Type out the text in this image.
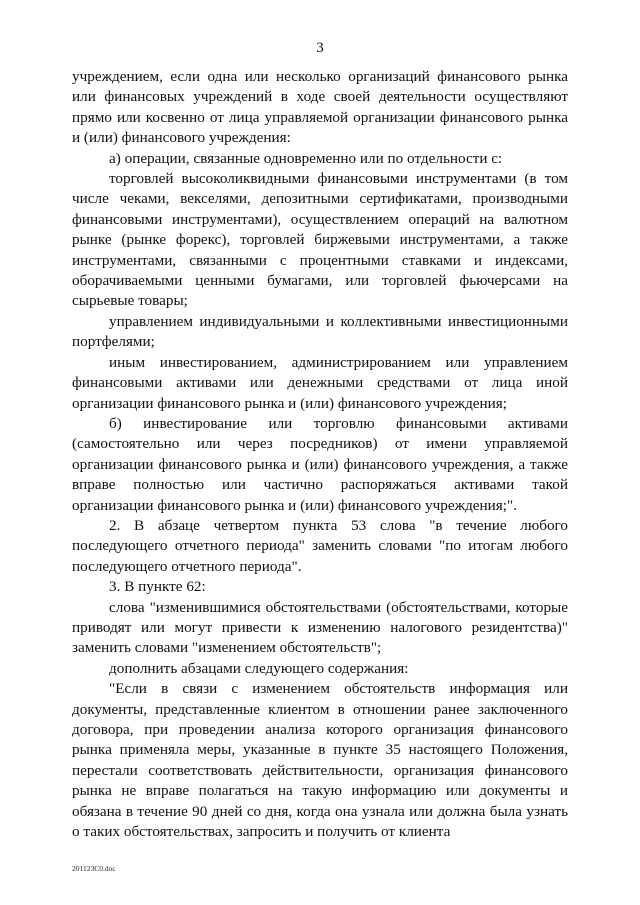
3

учреждением, если одна или несколько организаций финансового рынка или финансовых учреждений в ходе своей деятельности осуществляют прямо или косвенно от лица управляемой организации финансового рынка и (или) финансового учреждения:

а) операции, связанные одновременно или по отдельности с:

торговлей высоколиквидными финансовыми инструментами (в том числе чеками, векселями, депозитными сертификатами, производными финансовыми инструментами), осуществлением операций на валютном рынке (рынке форекс), торговлей биржевыми инструментами, а также инструментами, связанными с процентными ставками и индексами, оборачиваемыми ценными бумагами, или торговлей фьючерсами на сырьевые товары;

управлением индивидуальными и коллективными инвестиционными портфелями;

иным инвестированием, администрированием или управлением финансовыми активами или денежными средствами от лица иной организации финансового рынка и (или) финансового учреждения;

б) инвестирование или торговлю финансовыми активами (самостоятельно или через посредников) от имени управляемой организации финансового рынка и (или) финансового учреждения, а также вправе полностью или частично распоряжаться активами такой организации финансового рынка и (или) финансового учреждения;".

2. В абзаце четвертом пункта 53 слова "в течение любого последующего отчетного периода" заменить словами "по итогам любого последующего отчетного периода".

3. В пункте 62:

слова "изменившимися обстоятельствами (обстоятельствами, которые приводят или могут привести к изменению налогового резидентства)" заменить словами "изменением обстоятельств";

дополнить абзацами следующего содержания:

"Если в связи с изменением обстоятельств информация или документы, представленные клиентом в отношении ранее заключенного договора, при проведении анализа которого организация финансового рынка применяла меры, указанные в пункте 35 настоящего Положения, перестали соответствовать действительности, организация финансового рынка не вправе полагаться на такую информацию или документы и обязана в течение 90 дней со дня, когда она узнала или должна была узнать о таких обстоятельствах, запросить и получить от клиента

201123C0.doc
